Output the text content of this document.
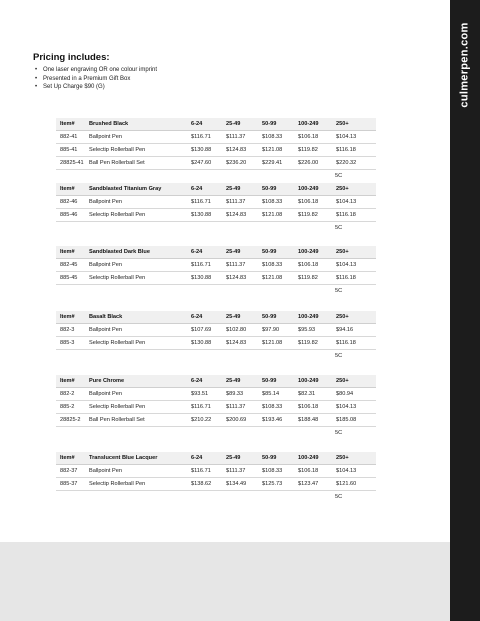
culmerpen.com
Pricing includes:
• One laser engraving OR one colour imprint
• Presented in a Premium Gift Box
• Set Up Charge $90 (G)
Item#	Brushed Black	6-24	25-49	50-99	100-249	250+
882-41 Ballpoint Pen	$116.71	$111.37	$108.33	$106.18	$104.13
885-41 Selectip Rollerball Pen	$130.88	$124.83	$121.08	$119.82	$116.18
28825-41 Ball Pen Rollerball Set	$247.60	$236.20	$229.41	$226.00	$220.32
5C
Item#	Sandblasted Titanium Gray	6-24	25-49	50-99	100-249	250+
882-46 Ballpoint Pen	$116.71	$111.37	$108.33	$106.18	$104.13
885-46 Selectip Rollerball Pen	$130.88	$124.83	$121.08	$119.82	$116.18
5C
Item#	Sandblasted Dark Blue	6-24	25-49	50-99	100-249	250+
882-45 Ballpoint Pen	$116.71	$111.37	$108.33	$106.18	$104.13
885-45 Selectip Rollerball Pen	$130.88	$124.83	$121.08	$119.82	$116.18
5C
Item#	Basalt Black	6-24	25-49	50-99	100-249	250+
882-3	Ballpoint Pen	$107.69	$102.80	$97.90	$95.93	$94.16
885-3	Selectip Rollerball Pen	$130.88	$124.83	$121.08	$119.82	$116.18
5C
Item#	Pure Chrome	6-24	25-49	50-99	100-249	250+
882-2	Ballpoint Pen	$93.51	$89.33	$85.14	$82.31	$80.94
885-2	Selectip Rollerball Pen	$116.71	$111.37	$108.33	$106.18	$104.13
28825-2 Ball Pen Rollerball Set	$210.22	$200.69	$193.46	$188.48	$185.08
5C
Item#	Translucent Blue Lacquer	6-24	25-49	50-99	100-249	250+
882-37 Ballpoint Pen	$116.71	$111.37	$108.33	$106.18	$104.13
885-37 Selectip Rollerball Pen	$138.62	$134.49	$125.73	$123.47	$121.60
5C
